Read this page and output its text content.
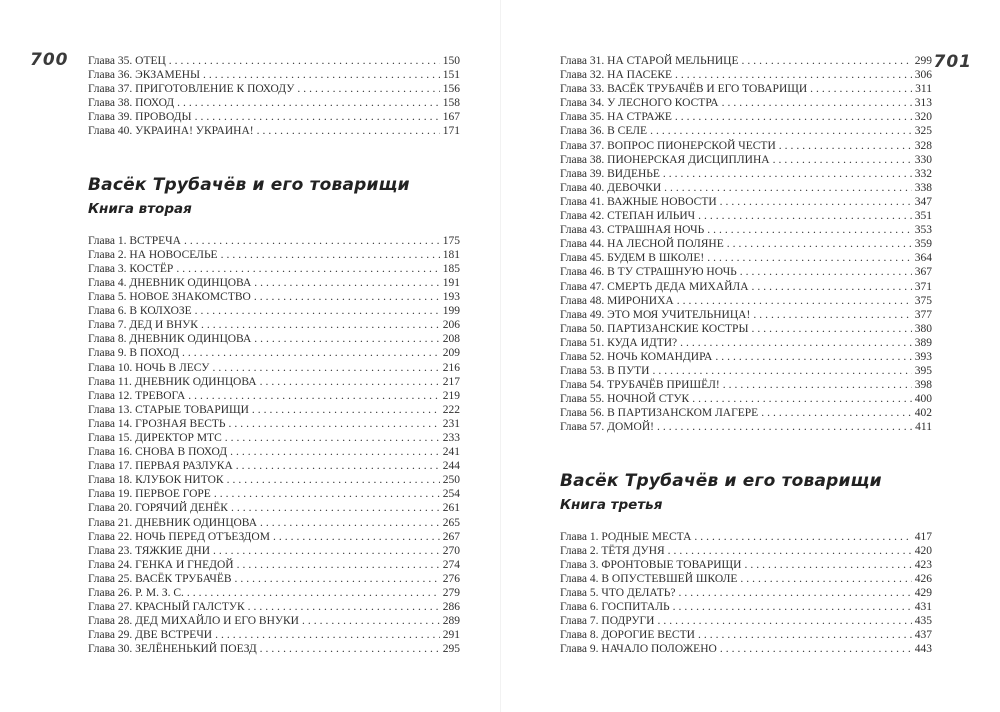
700	701
Глава 35. ОТЕЦ .....	150
Глава 36. ЭКЗАМЕНЫ .....	151
Глава 37. ПРИГОТОВЛЕНИЕ К ПОХОДУ .....	156
Глава 38. ПОХОД .....	158
Глава 39. ПРОВОДЫ .....	167
Глава 40. УКРАИНА! УКРАИНА! .....	171
Васёк Трубачёв и его товарищи
Книга вторая
Глава 1. ВСТРЕЧА .....	175
Глава 2. НА НОВОСЕЛЬЕ .....	181
Глава 3. КОСТЁР .....	185
Глава 4. ДНЕВНИК ОДИНЦОВА .....	191
Глава 5. НОВОЕ ЗНАКОМСТВО .....	193
Глава 6. В КОЛХОЗЕ .....	199
Глава 7. ДЕД И ВНУК .....	206
Глава 8. ДНЕВНИК ОДИНЦОВА .....	208
Глава 9. В ПОХОД .....	209
Глава 10. НОЧЬ В ЛЕСУ .....	216
Глава 11. ДНЕВНИК ОДИНЦОВА .....	217
Глава 12. ТРЕВОГА .....	219
Глава 13. СТАРЫЕ ТОВАРИЩИ .....	222
Глава 14. ГРОЗНАЯ ВЕСТЬ .....	231
Глава 15. ДИРЕКТОР МТС .....	233
Глава 16. СНОВА В ПОХОД .....	241
Глава 17. ПЕРВАЯ РАЗЛУКА .....	244
Глава 18. КЛУБОК НИТОК .....	250
Глава 19. ПЕРВОЕ ГОРЕ .....	254
Глава 20. ГОРЯЧИЙ ДЕНЁК .....	261
Глава 21. ДНЕВНИК ОДИНЦОВА .....	265
Глава 22. НОЧЬ ПЕРЕД ОТЪЕЗДОМ .....	267
Глава 23. ТЯЖКИЕ ДНИ .....	270
Глава 24. ГЕНКА И ГНЕДОЙ .....	274
Глава 25. ВАСЁК ТРУБАЧЁВ .....	276
Глава 26. Р. М. З. С. .....	279
Глава 27. КРАСНЫЙ ГАЛСТУК .....	286
Глава 28. ДЕД МИХАЙЛО И ЕГО ВНУКИ .....	289
Глава 29. ДВЕ ВСТРЕЧИ .....	291
Глава 30. ЗЕЛЁНЕНЬКИЙ ПОЕЗД .....	295
Глава 31. НА СТАРОЙ МЕЛЬНИЦЕ .....	299
Глава 32. НА ПАСЕКЕ .....	306
Глава 33. ВАСЁК ТРУБАЧЁВ И ЕГО ТОВАРИЩИ .....	311
Глава 34. У ЛЕСНОГО КОСТРА .....	313
Глава 35. НА СТРАЖЕ .....	320
Глава 36. В СЕЛЕ .....	325
Глава 37. ВОПРОС ПИОНЕРСКОЙ ЧЕСТИ .....	328
Глава 38. ПИОНЕРСКАЯ ДИСЦИПЛИНА .....	330
Глава 39. ВИДЕНЬЕ .....	332
Глава 40. ДЕВОЧКИ .....	338
Глава 41. ВАЖНЫЕ НОВОСТИ .....	347
Глава 42. СТЕПАН ИЛЬИЧ .....	351
Глава 43. СТРАШНАЯ НОЧЬ .....	353
Глава 44. НА ЛЕСНОЙ ПОЛЯНЕ .....	359
Глава 45. БУДЕМ В ШКОЛЕ! .....	364
Глава 46. В ТУ СТРАШНУЮ НОЧЬ .....	367
Глава 47. СМЕРТЬ ДЕДА МИХАЙЛА .....	371
Глава 48. МИРОНИХА .....	375
Глава 49. ЭТО МОЯ УЧИТЕЛЬНИЦА! .....	377
Глава 50. ПАРТИЗАНСКИЕ КОСТРЫ .....	380
Глава 51. КУДА ИДТИ? .....	389
Глава 52. НОЧЬ КОМАНДИРА .....	393
Глава 53. В ПУТИ .....	395
Глава 54. ТРУБАЧЁВ ПРИШЁЛ! .....	398
Глава 55. НОЧНОЙ СТУК .....	400
Глава 56. В ПАРТИЗАНСКОМ ЛАГЕРЕ .....	402
Глава 57. ДОМОЙ! .....	411
Васёк Трубачёв и его товарищи
Книга третья
Глава 1. РОДНЫЕ МЕСТА .....	417
Глава 2. ТЁТЯ ДУНЯ .....	420
Глава 3. ФРОНТОВЫЕ ТОВАРИЩИ .....	423
Глава 4. В ОПУСТЕВШЕЙ ШКОЛЕ .....	426
Глава 5. ЧТО ДЕЛАТЬ? .....	429
Глава 6. ГОСПИТАЛЬ .....	431
Глава 7. ПОДРУГИ .....	435
Глава 8. ДОРОГИЕ ВЕСТИ .....	437
Глава 9. НАЧАЛО ПОЛОЖЕНО .....	443
